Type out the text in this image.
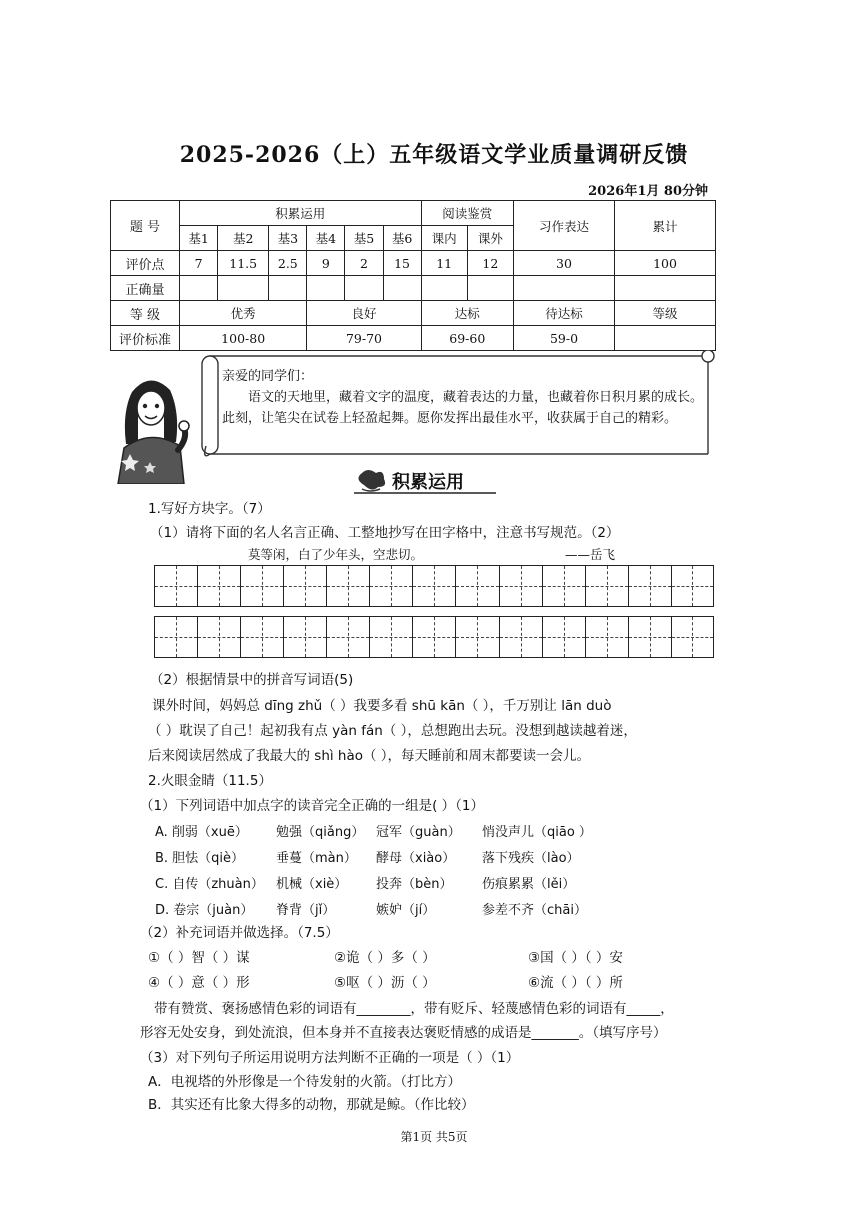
2025-2026（上）五年级语文学业质量调研反馈
2026年1月 80分钟
题 号	积累运用						阅读鉴赏		习作表达	累计
	基1	基2	基3	基4	基5	基6	课内	课外		
评价点	7	11.5	2.5	9	2	15	11	12	30	100
正确量										
等 级	优秀			良好			达标		待达标	等级
评价标准	100-80			79-70			69-60		59-0	

亲爱的同学们：

语文的天地里，藏着文字的温度，藏着表达的力量，也藏着你日积月累的成长。此刻，让笔尖在试卷上轻盈起舞。愿你发挥出最佳水平，收获属于自己的精彩。

积累运用
1.写好方块字。（7）
（1）请将下面的名人名言正确、工整地抄写在田字格中，注意书写规范。（2）
莫等闲，白了少年头，空悲切。	——岳飞
（2）根据情景中的拼音写词语(5)
课外时间，妈妈总 dīng zhǔ（ ）我要多看 shū kān（ ），千万别让 lān duò
（ ）耽误了自己！起初我有点 yàn fán（ ），总想跑出去玩。没想到越读越着迷，
后来阅读居然成了我最大的 shì hào（ ），每天睡前和周末都要读一会儿。
2.火眼金睛（11.5）
（1）下列词语中加点字的读音完全正确的一组是( ）（1）
A. 削弱（xuē） 勉强（qiǎng） 冠军（guàn） 悄没声儿（qiāo ）
B. 胆怯（qiè） 垂蔓（màn） 酵母（xiào） 落下残疾（lào）
C. 自传（zhuàn） 机械（xiè） 投奔（bèn） 伤痕累累（lěi）
D. 卷宗（juàn） 脊背（jǐ）	嫉妒（jí）	参差不齐（chāi）
（2）补充词语并做选择。（7.5）
①（ ）智（ ）谋	②诡（ ）多（ ）	③国（ ）（ ）安
④（ ）意（ ）形	⑤呕（ ）沥（ ）	⑥流（ ）（ ）所
带有赞赏、褒扬感情色彩的词语有________，带有贬斥、轻蔑感情色彩的词语有_____，
形容无处安身，到处流浪，但本身并不直接表达褒贬情感的成语是_______。（填写序号）
（3）对下列句子所运用说明方法判断不正确的一项是（ ）（1）
A．电视塔的外形像是一个待发射的火箭。（打比方）
B．其实还有比象大得多的动物，那就是鲸。（作比较）
第1页 共5页
